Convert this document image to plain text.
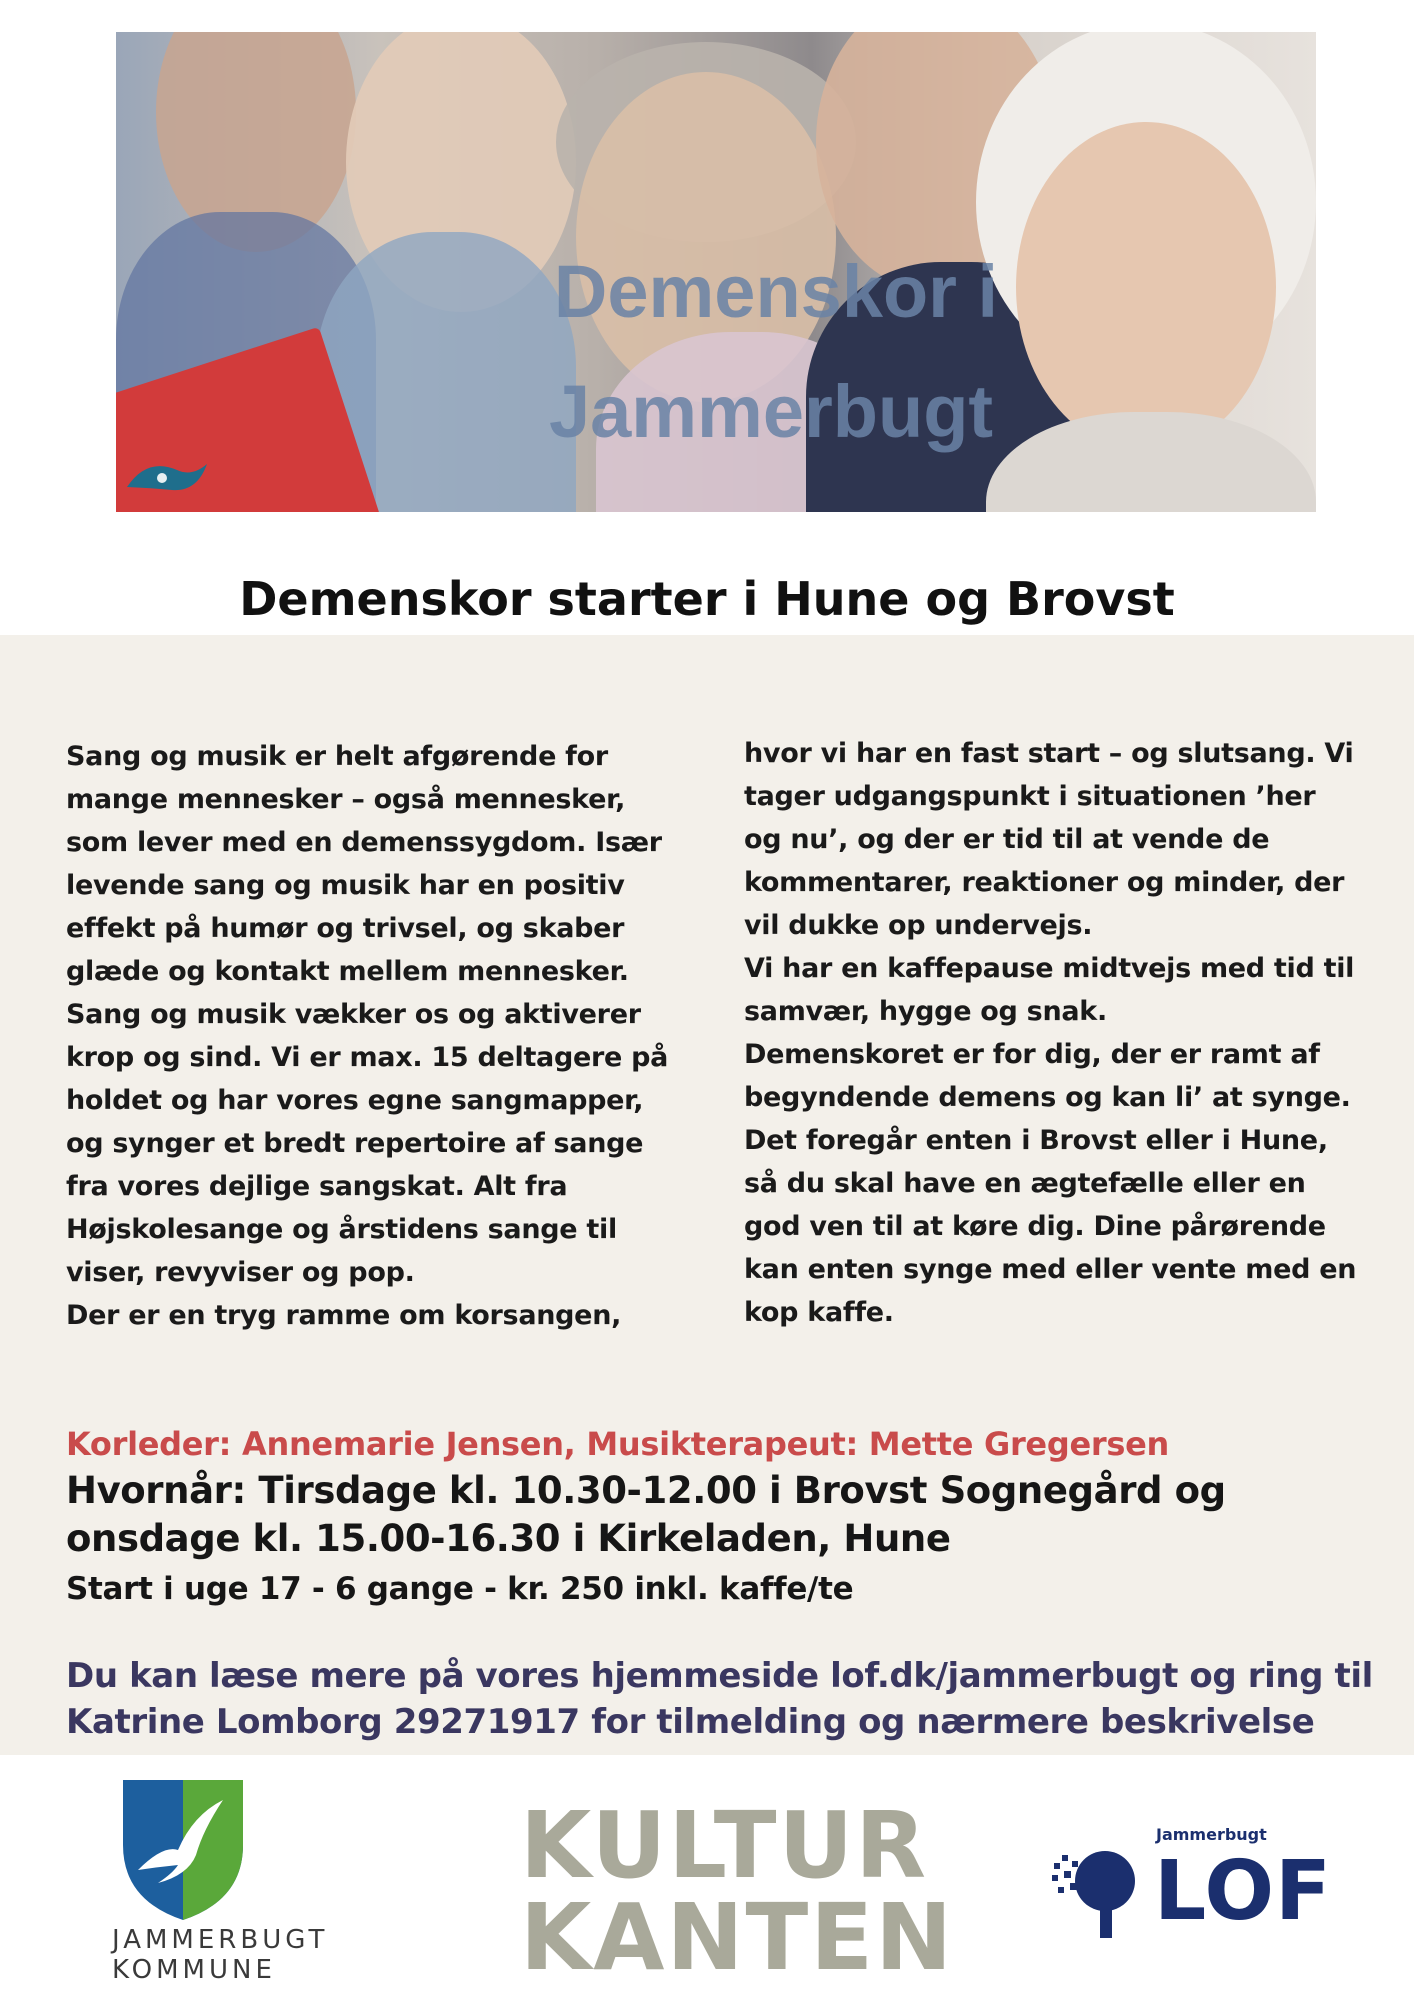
Demenskor i
Jammerbugt
Demenskor starter i Hune og Brovst
Sang og musik er helt afgørende for
mange mennesker – også mennesker,
som lever med en demenssygdom. Især
levende sang og musik har en positiv
effekt på humør og trivsel, og skaber
glæde og kontakt mellem mennesker.
Sang og musik vækker os og aktiverer
krop og sind. Vi er max. 15 deltagere på
holdet og har vores egne sangmapper,
og synger et bredt repertoire af sange
fra vores dejlige sangskat. Alt fra
Højskolesange og årstidens sange til
viser, revyviser og pop.
Der er en tryg ramme om korsangen,
hvor vi har en fast start – og slutsang. Vi
tager udgangspunkt i situationen ’her
og nu’, og der er tid til at vende de
kommentarer, reaktioner og minder, der
vil dukke op undervejs.
Vi har en kaffepause midtvejs med tid til
samvær, hygge og snak.
Demenskoret er for dig, der er ramt af
begyndende demens og kan li’ at synge.
Det foregår enten i Brovst eller i Hune,
så du skal have en ægtefælle eller en
god ven til at køre dig. Dine pårørende
kan enten synge med eller vente med en
kop kaffe.
Korleder: Annemarie Jensen, Musikterapeut: Mette Gregersen
Hvornår: Tirsdage kl. 10.30-12.00 i Brovst Sognegård og onsdage kl. 15.00-16.30 i Kirkeladen, Hune
Start i uge 17 - 6 gange - kr. 250 inkl. kaffe/te
Du kan læse mere på vores hjemmeside lof.dk/jammerbugt og ring til Katrine Lomborg 29271917 for tilmelding og nærmere beskrivelse
JAMMERBUGT
KOMMUNE
KULTUR
KANTEN
Jammerbugt
LOF
